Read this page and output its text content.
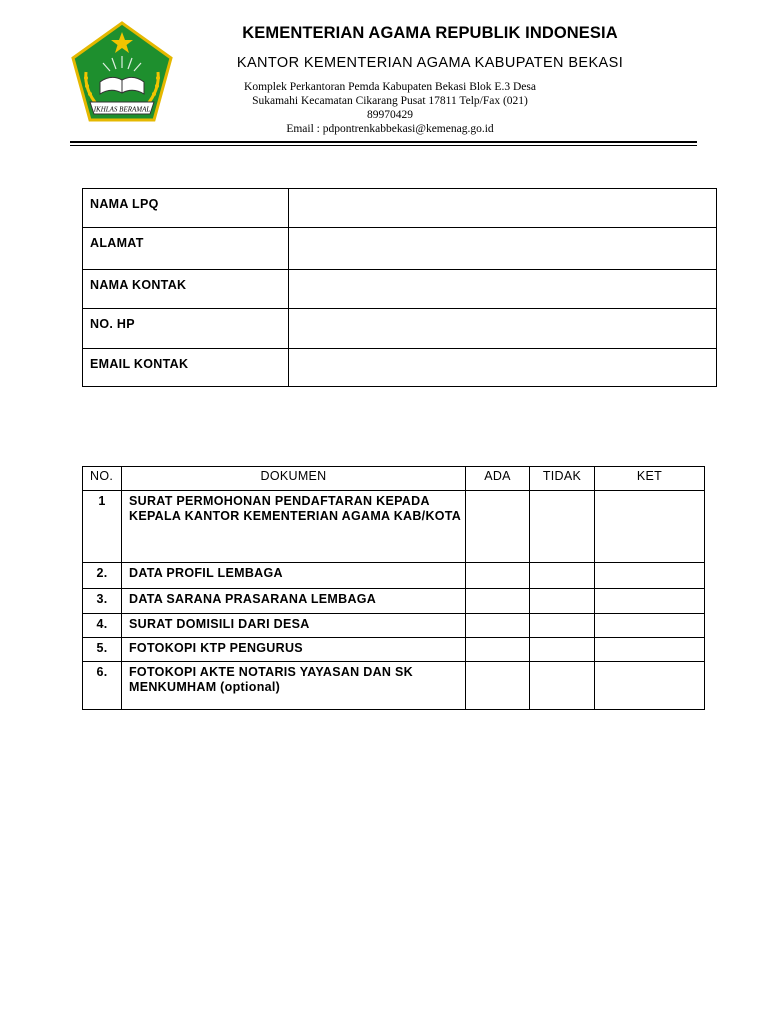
IKHLAS BERAMAL
KEMENTERIAN AGAMA REPUBLIK INDONESIA
KANTOR KEMENTERIAN AGAMA KABUPATEN BEKASI
Komplek Perkantoran Pemda Kabupaten Bekasi Blok E.3 Desa
Sukamahi Kecamatan Cikarang Pusat 17811 Telp/Fax (021)
89970429
Email : pdpontrenkabbekasi@kemenag.go.id
NAMA LPQ	
ALAMAT	
NAMA KONTAK	
NO. HP	
EMAIL KONTAK	
NO.	DOKUMEN	ADA	TIDAK	KET
1	SURAT PERMOHONAN PENDAFTARAN KEPADA KEPALA KANTOR KEMENTERIAN AGAMA KAB/KOTA			
2.	DATA PROFIL LEMBAGA			
3.	DATA SARANA PRASARANA LEMBAGA			
4.	SURAT DOMISILI DARI DESA			
5.	FOTOKOPI KTP PENGURUS			
6.	FOTOKOPI AKTE NOTARIS YAYASAN DAN SK MENKUMHAM (optional)			
